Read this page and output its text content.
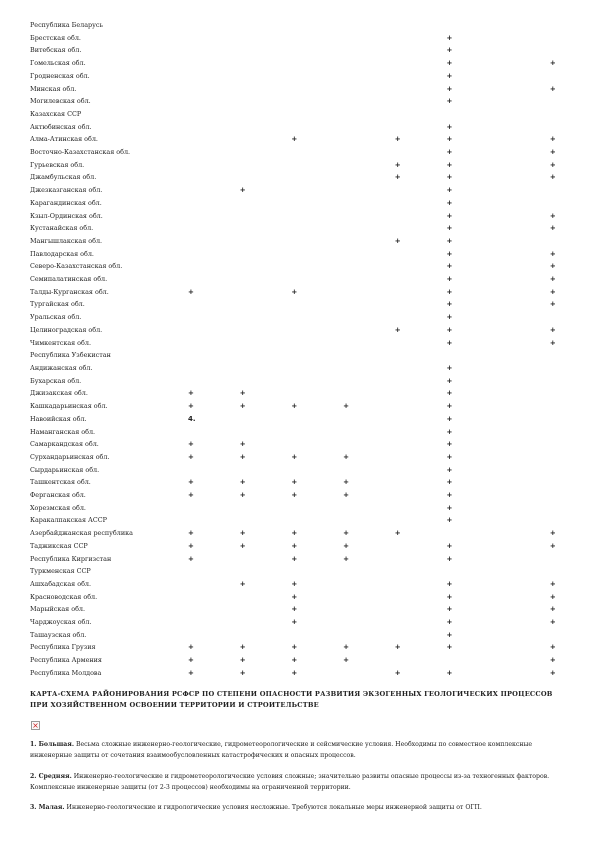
Республика Беларусь								
Брестская обл.						+		
Витебская обл.						+		
Гомельская обл.						+		+
Гродненская обл.						+		
Минская обл.						+		+
Могилевская обл.						+		
Казахская ССР								
Актюбинская обл.						+		
Алма-Атинская обл.			+		+	+		+
Восточно-Казахстанская обл.						+		+
Гурьевская обл.					+	+		+
Джамбульская обл.					+	+		+
Джезказганская обл.		+				+		
Карагандинская обл.						+		
Кзыл-Ординская обл.						+		+
Кустанайская обл.						+		+
Мангышлакская обл.					+	+		
Павлодарская обл.						+		+
Северо-Казахстанская обл.						+		+
Семипалатинская обл.						+		+
Талды-Курганская обл.	+		+			+		+
Тургайская обл.						+		+
Уральская обл.						+		
Целиноградская обл.					+	+		+
Чимкентская обл.						+		+
Республика Узбекистан								
Андижанская обл.						+		
Бухарская обл.						+		
Джизакская обл.	+	+				+		
Кашкадарьинская обл.	+	+	+	+		+		
Навоийская обл.	4.					+		
Наманганская обл.						+		
Самаркандская обл.	+	+				+		
Сурхандарьинская обл.	+	+	+	+		+		
Сырдарьинская обл.						+		
Ташкентская обл.	+	+	+	+		+		
Ферганская обл.	+	+	+	+		+		
Хорезмская обл.						+		
Каракалпакская АССР						+		
Азербайджанская республика	+	+	+	+	+			+
Таджикская ССР	+	+	+	+		+		+
Республика Киргизстан	+		+	+		+		
Туркменская ССР								
Ашхабадская обл.		+	+			+		+
Красноводская обл.			+			+		+
Марыйская обл.			+			+		+
Чарджоуская обл.			+			+		+
Ташаузская обл.						+		
Республика Грузия	+	+	+	+	+	+		+
Республика Армения	+	+	+	+				+
Республика Молдова	+	+	+		+	+		+
КАРТА-СХЕМА РАЙОНИРОВАНИЯ РСФСР ПО СТЕПЕНИ ОПАСНОСТИ РАЗВИТИЯ ЭКЗОГЕННЫХ ГЕОЛОГИЧЕСКИХ ПРОЦЕССОВ ПРИ ХОЗЯЙСТВЕННОМ ОСВОЕНИИ ТЕРРИТОРИИ И СТРОИТЕЛЬСТВЕ
×
1. Большая. Весьма сложные инженерно-геологические, гидрометеорологические и сейсмические условия. Необходимы по совместное комплексные инженерные защиты от сочетания взаимообусловленных катастрофических и опасных процессов.
2. Средняя. Инженерно-геологические и гидрометеорологические условия сложные; значительно развиты опасные процессы из-за техногенных факторов. Комплексные инженерные защиты (от 2-3 процессов) необходимы на ограниченной территории.
3. Малая. Инженерно-геологические и гидрологические условия несложные. Требуются локальные меры инженерной защиты от ОГП.
